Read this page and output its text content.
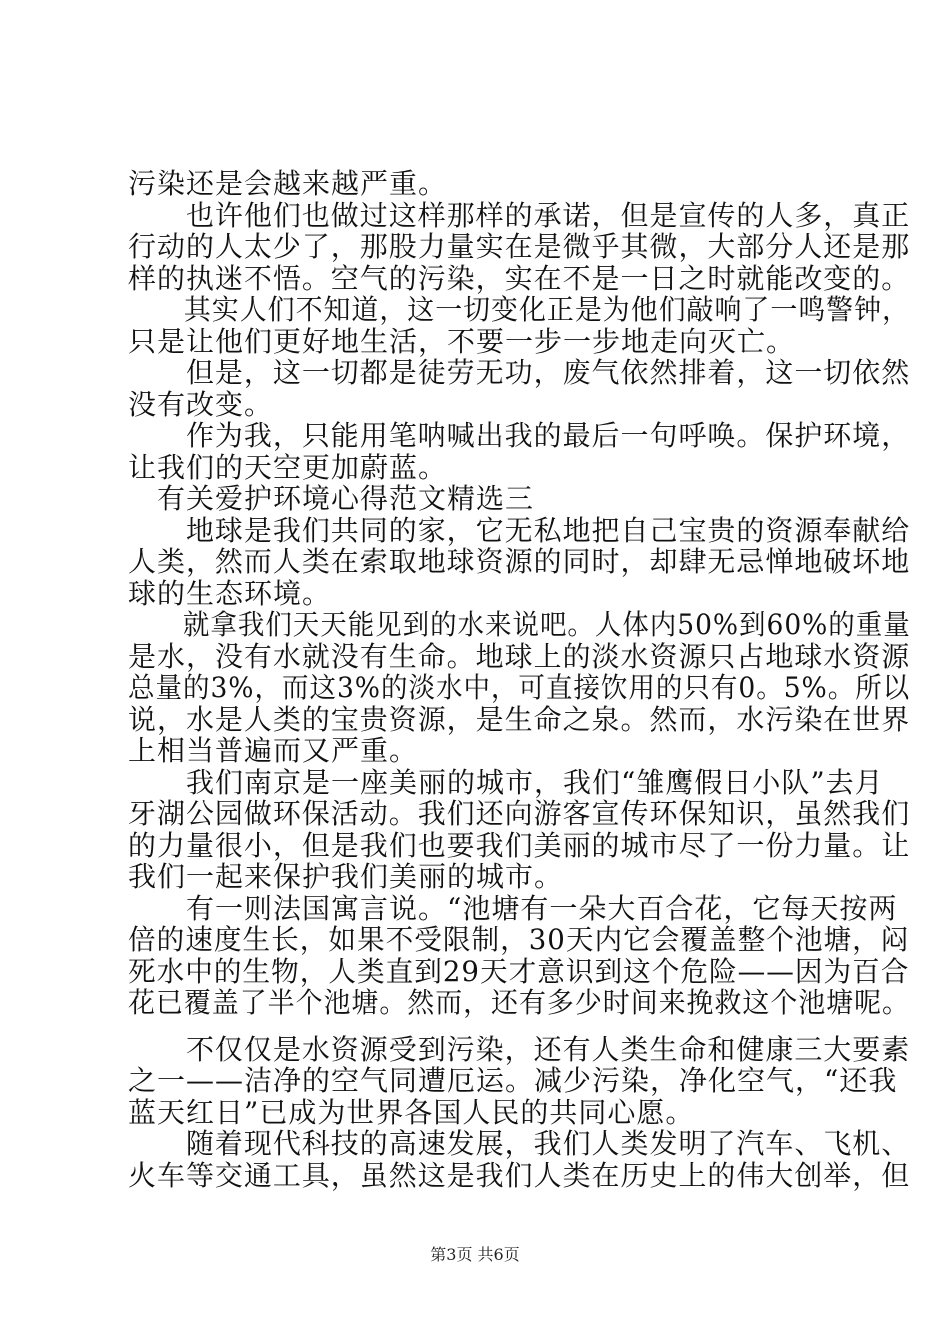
污染还是会越来越严重。
　　也许他们也做过这样那样的承诺，但是宣传的人多，真正
行动的人太少了，那股力量实在是微乎其微，大部分人还是那
样的执迷不悟。空气的污染，实在不是一日之时就能改变的。
　　其实人们不知道，这一切变化正是为他们敲响了一鸣警钟，
只是让他们更好地生活，不要一步一步地走向灭亡。
　　但是，这一切都是徒劳无功，废气依然排着，这一切依然
没有改变。
　　作为我，只能用笔呐喊出我的最后一句呼唤。保护环境，
让我们的天空更加蔚蓝。
　有关爱护环境心得范文精选三
　　地球是我们共同的家，它无私地把自己宝贵的资源奉献给
人类，然而人类在索取地球资源的同时，却肆无忌惮地破坏地
球的生态环境。
　　就拿我们天天能见到的水来说吧。人体内50%到60%的重量
是水，没有水就没有生命。地球上的淡水资源只占地球水资源
总量的3%，而这3%的淡水中，可直接饮用的只有0。5%。所以
说，水是人类的宝贵资源，是生命之泉。然而，水污染在世界
上相当普遍而又严重。
　　我们南京是一座美丽的城市，我们“雏鹰假日小队”去月
牙湖公园做环保活动。我们还向游客宣传环保知识，虽然我们
的力量很小，但是我们也要我们美丽的城市尽了一份力量。让
我们一起来保护我们美丽的城市。
　　有一则法国寓言说。“池塘有一朵大百合花，它每天按两
倍的速度生长，如果不受限制，30天内它会覆盖整个池塘，闷
死水中的生物，人类直到29天才意识到这个危险——因为百合
花已覆盖了半个池塘。然而，还有多少时间来挽救这个池塘呢。
　　不仅仅是水资源受到污染，还有人类生命和健康三大要素
之一——洁净的空气同遭厄运。减少污染，净化空气，“还我
蓝天红日”已成为世界各国人民的共同心愿。
　　随着现代科技的高速发展，我们人类发明了汽车、飞机、
火车等交通工具，虽然这是我们人类在历史上的伟大创举，但
第3页 共6页
